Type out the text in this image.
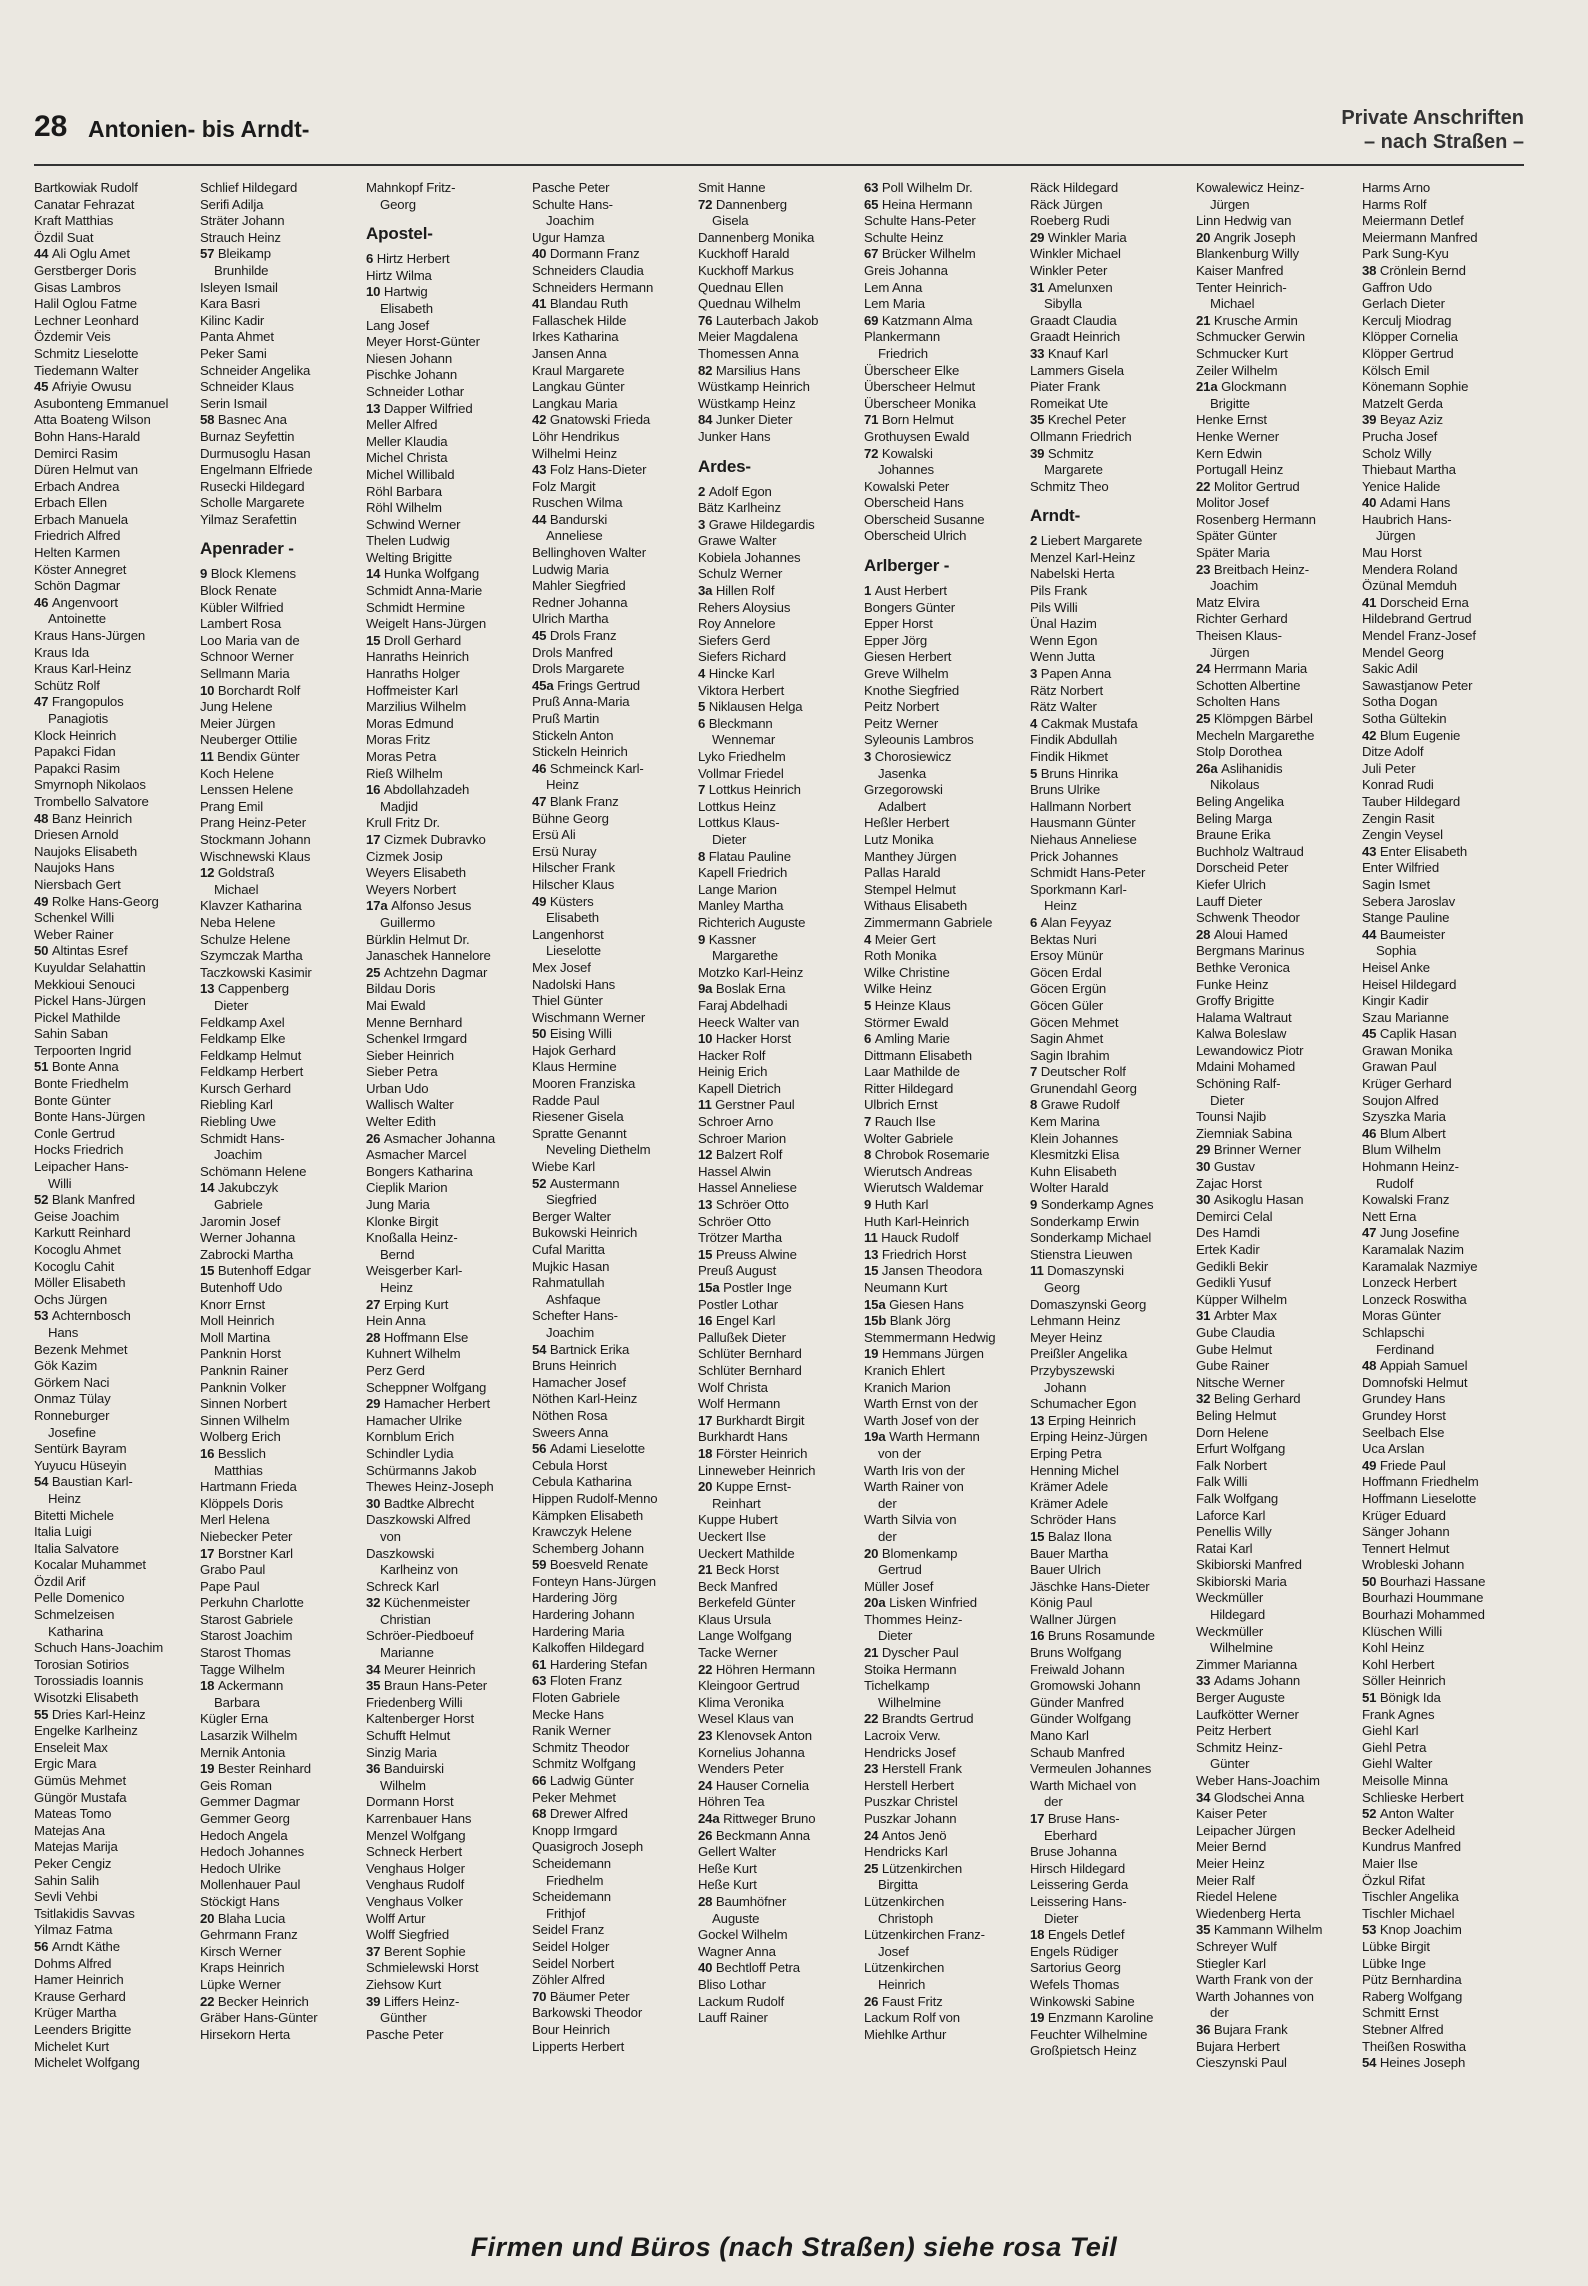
28 Antonien- bis Arndt-	Private Anschriften
– nach Straßen –
Bartkowiak Rudolf
Canatar Fehrazat
Kraft Matthias
Özdil Suat
44 Ali Oglu Amet
Gerstberger Doris
Gisas Lambros
Halil Oglou Fatme
Lechner Leonhard
Özdemir Veis
Schmitz Lieselotte
Tiedemann Walter
45 Afriyie Owusu
Asubonteng Emmanuel
Atta Boateng Wilson
Bohn Hans-Harald
Demirci Rasim
Düren Helmut van
Erbach Andrea
Erbach Ellen
Erbach Manuela
Friedrich Alfred
Helten Karmen
Köster Annegret
Schön Dagmar
46 Angenvoort
Antoinette
Kraus Hans-Jürgen
Kraus Ida
Kraus Karl-Heinz
Schütz Rolf
47 Frangopulos
Panagiotis
Klock Heinrich
Papakci Fidan
Papakci Rasim
Smyrnoph Nikolaos
Trombello Salvatore
48 Banz Heinrich
Driesen Arnold
Naujoks Elisabeth
Naujoks Hans
Niersbach Gert
49 Rolke Hans-Georg
Schenkel Willi
Weber Rainer
50 Altintas Esref
Kuyuldar Selahattin
Mekkioui Senouci
Pickel Hans-Jürgen
Pickel Mathilde
Sahin Saban
Terpoorten Ingrid
51 Bonte Anna
Bonte Friedhelm
Bonte Günter
Bonte Hans-Jürgen
Conle Gertrud
Hocks Friedrich
Leipacher Hans-
Willi
52 Blank Manfred
Geise Joachim
Karkutt Reinhard
Kocoglu Ahmet
Kocoglu Cahit
Möller Elisabeth
Ochs Jürgen
53 Achternbosch
Hans
Bezenk Mehmet
Gök Kazim
Görkem Naci
Onmaz Tülay
Ronneburger
Josefine
Sentürk Bayram
Yuyucu Hüseyin
54 Baustian Karl-
Heinz
Bitetti Michele
Italia Luigi
Italia Salvatore
Kocalar Muhammet
Özdil Arif
Pelle Domenico
Schmelzeisen
Katharina
Schuch Hans-Joachim
Torosian Sotirios
Torossiadis Ioannis
Wisotzki Elisabeth
55 Dries Karl-Heinz
Engelke Karlheinz
Enseleit Max
Ergic Mara
Gümüs Mehmet
Güngör Mustafa
Mateas Tomo
Matejas Ana
Matejas Marija
Peker Cengiz
Sahin Salih
Sevli Vehbi
Tsitlakidis Savvas
Yilmaz Fatma
56 Arndt Käthe
Dohms Alfred
Hamer Heinrich
Krause Gerhard
Krüger Martha
Leenders Brigitte
Michelet Kurt
Michelet Wolfgang
Schlief Hildegard
Serifi Adilja
Sträter Johann
Strauch Heinz
57 Bleikamp
Brunhilde
Isleyen Ismail
Kara Basri
Kilinc Kadir
Panta Ahmet
Peker Sami
Schneider Angelika
Schneider Klaus
Serin Ismail
58 Basnec Ana
Burnaz Seyfettin
Durmusoglu Hasan
Engelmann Elfriede
Rusecki Hildegard
Scholle Margarete
Yilmaz Serafettin
Apenrader -
9 Block Klemens
Block Renate
Kübler Wilfried
Lambert Rosa
Loo Maria van de
Schnoor Werner
Sellmann Maria
10 Borchardt Rolf
Jung Helene
Meier Jürgen
Neuberger Ottilie
11 Bendix Günter
Koch Helene
Lenssen Helene
Prang Emil
Prang Heinz-Peter
Stockmann Johann
Wischnewski Klaus
12 Goldstraß
Michael
Klavzer Katharina
Neba Helene
Schulze Helene
Szymczak Martha
Taczkowski Kasimir
13 Cappenberg
Dieter
Feldkamp Axel
Feldkamp Elke
Feldkamp Helmut
Feldkamp Herbert
Kursch Gerhard
Riebling Karl
Riebling Uwe
Schmidt Hans-
Joachim
Schömann Helene
14 Jakubczyk
Gabriele
Jaromin Josef
Werner Johanna
Zabrocki Martha
15 Butenhoff Edgar
Butenhoff Udo
Knorr Ernst
Moll Heinrich
Moll Martina
Panknin Horst
Panknin Rainer
Panknin Volker
Sinnen Norbert
Sinnen Wilhelm
Wolberg Erich
16 Besslich
Matthias
Hartmann Frieda
Klöppels Doris
Merl Helena
Niebecker Peter
17 Borstner Karl
Grabo Paul
Pape Paul
Perkuhn Charlotte
Starost Gabriele
Starost Joachim
Starost Thomas
Tagge Wilhelm
18 Ackermann
Barbara
Kügler Erna
Lasarzik Wilhelm
Mernik Antonia
19 Bester Reinhard
Geis Roman
Gemmer Dagmar
Gemmer Georg
Hedoch Angela
Hedoch Johannes
Hedoch Ulrike
Mollenhauer Paul
Stöckigt Hans
20 Blaha Lucia
Gehrmann Franz
Kirsch Werner
Kraps Heinrich
Lüpke Werner
22 Becker Heinrich
Gräber Hans-Günter
Hirsekorn Herta
Mahnkopf Fritz-
Georg
Apostel-
6 Hirtz Herbert
Hirtz Wilma
10 Hartwig
Elisabeth
Lang Josef
Meyer Horst-Günter
Niesen Johann
Pischke Johann
Schneider Lothar
13 Dapper Wilfried
Meller Alfred
Meller Klaudia
Michel Christa
Michel Willibald
Röhl Barbara
Röhl Wilhelm
Schwind Werner
Thelen Ludwig
Welting Brigitte
14 Hunka Wolfgang
Schmidt Anna-Marie
Schmidt Hermine
Weigelt Hans-Jürgen
15 Droll Gerhard
Hanraths Heinrich
Hanraths Holger
Hoffmeister Karl
Marzilius Wilhelm
Moras Edmund
Moras Fritz
Moras Petra
Rieß Wilhelm
16 Abdollahzadeh
Madjid
Krull Fritz Dr.
17 Cizmek Dubravko
Cizmek Josip
Weyers Elisabeth
Weyers Norbert
17a Alfonso Jesus
Guillermo
Bürklin Helmut Dr.
Janaschek Hannelore
25 Achtzehn Dagmar
Bildau Doris
Mai Ewald
Menne Bernhard
Schenkel Irmgard
Sieber Heinrich
Sieber Petra
Urban Udo
Wallisch Walter
Welter Edith
26 Asmacher Johanna
Asmacher Marcel
Bongers Katharina
Cieplik Marion
Jung Maria
Klonke Birgit
Knoßalla Heinz-
Bernd
Weisgerber Karl-
Heinz
27 Erping Kurt
Hein Anna
28 Hoffmann Else
Kuhnert Wilhelm
Perz Gerd
Scheppner Wolfgang
29 Hamacher Herbert
Hamacher Ulrike
Kornblum Erich
Schindler Lydia
Schürmanns Jakob
Thewes Heinz-Joseph
30 Badtke Albrecht
Daszkowski Alfred
von
Daszkowski
Karlheinz von
Schreck Karl
32 Küchenmeister
Christian
Schröer-Piedboeuf
Marianne
34 Meurer Heinrich
35 Braun Hans-Peter
Friedenberg Willi
Kaltenberger Horst
Schufft Helmut
Sinzig Maria
36 Banduirski
Wilhelm
Dormann Horst
Karrenbauer Hans
Menzel Wolfgang
Schneck Herbert
Venghaus Holger
Venghaus Rudolf
Venghaus Volker
Wolff Artur
Wolff Siegfried
37 Berent Sophie
Schmielewski Horst
Ziehsow Kurt
39 Liffers Heinz-
Günther
Pasche Peter
Pasche Peter
Schulte Hans-
Joachim
Ugur Hamza
40 Dormann Franz
Schneiders Claudia
Schneiders Hermann
41 Blandau Ruth
Fallaschek Hilde
Irkes Katharina
Jansen Anna
Kraul Margarete
Langkau Günter
Langkau Maria
42 Gnatowski Frieda
Löhr Hendrikus
Wilhelmi Heinz
43 Folz Hans-Dieter
Folz Margit
Ruschen Wilma
44 Bandurski
Anneliese
Bellinghoven Walter
Ludwig Maria
Mahler Siegfried
Redner Johanna
Ulrich Martha
45 Drols Franz
Drols Manfred
Drols Margarete
45a Frings Gertrud
Pruß Anna-Maria
Pruß Martin
Stickeln Anton
Stickeln Heinrich
46 Schmeinck Karl-
Heinz
47 Blank Franz
Bühne Georg
Ersü Ali
Ersü Nuray
Hilscher Frank
Hilscher Klaus
49 Küsters
Elisabeth
Langenhorst
Lieselotte
Mex Josef
Nadolski Hans
Thiel Günter
Wischmann Werner
50 Eising Willi
Hajok Gerhard
Klaus Hermine
Mooren Franziska
Radde Paul
Riesener Gisela
Spratte Genannt
Neveling Diethelm
Wiebe Karl
52 Austermann
Siegfried
Berger Walter
Bukowski Heinrich
Cufal Maritta
Mujkic Hasan
Rahmatullah
Ashfaque
Schefter Hans-
Joachim
54 Bartnick Erika
Bruns Heinrich
Hamacher Josef
Nöthen Karl-Heinz
Nöthen Rosa
Sweers Anna
56 Adami Lieselotte
Cebula Horst
Cebula Katharina
Hippen Rudolf-Menno
Kämpken Elisabeth
Krawczyk Helene
Schemberg Johann
59 Boesveld Renate
Fonteyn Hans-Jürgen
Hardering Jörg
Hardering Johann
Hardering Maria
Kalkoffen Hildegard
61 Hardering Stefan
63 Floten Franz
Floten Gabriele
Mecke Hans
Ranik Werner
Schmitz Theodor
Schmitz Wolfgang
66 Ladwig Günter
Peker Mehmet
68 Drewer Alfred
Knopp Irmgard
Quasigroch Joseph
Scheidemann
Friedhelm
Scheidemann
Frithjof
Seidel Franz
Seidel Holger
Seidel Norbert
Zöhler Alfred
70 Bäumer Peter
Barkowski Theodor
Bour Heinrich
Lipperts Herbert
Smit Hanne
72 Dannenberg
Gisela
Dannenberg Monika
Kuckhoff Harald
Kuckhoff Markus
Quednau Ellen
Quednau Wilhelm
76 Lauterbach Jakob
Meier Magdalena
Thomessen Anna
82 Marsilius Hans
Wüstkamp Heinrich
Wüstkamp Heinz
84 Junker Dieter
Junker Hans
Ardes-
2 Adolf Egon
Bätz Karlheinz
3 Grawe Hildegardis
Grawe Walter
Kobiela Johannes
Schulz Werner
3a Hillen Rolf
Rehers Aloysius
Roy Annelore
Siefers Gerd
Siefers Richard
4 Hincke Karl
Viktora Herbert
5 Niklausen Helga
6 Bleckmann
Wennemar
Lyko Friedhelm
Vollmar Friedel
7 Lottkus Heinrich
Lottkus Heinz
Lottkus Klaus-
Dieter
8 Flatau Pauline
Kapell Friedrich
Lange Marion
Manley Martha
Richterich Auguste
9 Kassner
Margarethe
Motzko Karl-Heinz
9a Boslak Erna
Faraj Abdelhadi
Heeck Walter van
10 Hacker Horst
Hacker Rolf
Heinig Erich
Kapell Dietrich
11 Gerstner Paul
Schroer Arno
Schroer Marion
12 Balzert Rolf
Hassel Alwin
Hassel Anneliese
13 Schröer Otto
Schröer Otto
Trötzer Martha
15 Preuss Alwine
Preuß August
15a Postler Inge
Postler Lothar
16 Engel Karl
Pallußek Dieter
Schlüter Bernhard
Schlüter Bernhard
Wolf Christa
Wolf Hermann
17 Burkhardt Birgit
Burkhardt Hans
18 Förster Heinrich
Linneweber Heinrich
20 Kuppe Ernst-
Reinhart
Kuppe Hubert
Ueckert Ilse
Ueckert Mathilde
21 Beck Horst
Beck Manfred
Berkefeld Günter
Klaus Ursula
Lange Wolfgang
Tacke Werner
22 Höhren Hermann
Kleingoor Gertrud
Klima Veronika
Wesel Klaus van
23 Klenovsek Anton
Kornelius Johanna
Wenders Peter
24 Hauser Cornelia
Höhren Tea
24a Rittweger Bruno
26 Beckmann Anna
Gellert Walter
Heße Kurt
Heße Kurt
28 Baumhöfner
Auguste
Gockel Wilhelm
Wagner Anna
40 Bechtloff Petra
Bliso Lothar
Lackum Rudolf
Lauff Rainer
63 Poll Wilhelm Dr.
65 Heina Hermann
Schulte Hans-Peter
Schulte Heinz
67 Brücker Wilhelm
Greis Johanna
Lem Anna
Lem Maria
69 Katzmann Alma
Plankermann
Friedrich
Überscheer Elke
Überscheer Helmut
Überscheer Monika
71 Born Helmut
Grothuysen Ewald
72 Kowalski
Johannes
Kowalski Peter
Oberscheid Hans
Oberscheid Susanne
Oberscheid Ulrich
Arlberger -
1 Aust Herbert
Bongers Günter
Epper Horst
Epper Jörg
Giesen Herbert
Greve Wilhelm
Knothe Siegfried
Peitz Norbert
Peitz Werner
Syleounis Lambros
3 Chorosiewicz
Jasenka
Grzegorowski
Adalbert
Heßler Herbert
Lutz Monika
Manthey Jürgen
Pallas Harald
Stempel Helmut
Withaus Elisabeth
Zimmermann Gabriele
4 Meier Gert
Roth Monika
Wilke Christine
Wilke Heinz
5 Heinze Klaus
Störmer Ewald
6 Amling Marie
Dittmann Elisabeth
Laar Mathilde de
Ritter Hildegard
Ulbrich Ernst
7 Rauch Ilse
Wolter Gabriele
8 Chrobok Rosemarie
Wierutsch Andreas
Wierutsch Waldemar
9 Huth Karl
Huth Karl-Heinrich
11 Hauck Rudolf
13 Friedrich Horst
15 Jansen Theodora
Neumann Kurt
15a Giesen Hans
15b Blank Jörg
Stemmermann Hedwig
19 Hemmans Jürgen
Kranich Ehlert
Kranich Marion
Warth Ernst von der
Warth Josef von der
19a Warth Hermann
von der
Warth Iris von der
Warth Rainer von
der
Warth Silvia von
der
20 Blomenkamp
Gertrud
Müller Josef
20a Lisken Winfried
Thommes Heinz-
Dieter
21 Dyscher Paul
Stoika Hermann
Tichelkamp
Wilhelmine
22 Brandts Gertrud
Lacroix Verw.
Hendricks Josef
23 Herstell Frank
Herstell Herbert
Puszkar Christel
Puszkar Johann
24 Antos Jenö
Hendricks Karl
25 Lützenkirchen
Birgitta
Lützenkirchen
Christoph
Lützenkirchen Franz-
Josef
Lützenkirchen
Heinrich
26 Faust Fritz
Lackum Rolf von
Miehlke Arthur
Räck Hildegard
Räck Jürgen
Roeberg Rudi
29 Winkler Maria
Winkler Michael
Winkler Peter
31 Amelunxen
Sibylla
Graadt Claudia
Graadt Heinrich
33 Knauf Karl
Lammers Gisela
Piater Frank
Romeikat Ute
35 Krechel Peter
Ollmann Friedrich
39 Schmitz
Margarete
Schmitz Theo
Arndt-
2 Liebert Margarete
Menzel Karl-Heinz
Nabelski Herta
Pils Frank
Pils Willi
Ünal Hazim
Wenn Egon
Wenn Jutta
3 Papen Anna
Rätz Norbert
Rätz Walter
4 Cakmak Mustafa
Findik Abdullah
Findik Hikmet
5 Bruns Hinrika
Bruns Ulrike
Hallmann Norbert
Hausmann Günter
Niehaus Anneliese
Prick Johannes
Schmidt Hans-Peter
Sporkmann Karl-
Heinz
6 Alan Feyyaz
Bektas Nuri
Ersoy Münür
Göcen Erdal
Göcen Ergün
Göcen Güler
Göcen Mehmet
Sagin Ahmet
Sagin Ibrahim
7 Deutscher Rolf
Grunendahl Georg
8 Grawe Rudolf
Kem Marina
Klein Johannes
Klesmitzki Elisa
Kuhn Elisabeth
Wolter Harald
9 Sonderkamp Agnes
Sonderkamp Erwin
Sonderkamp Michael
Stienstra Lieuwen
11 Domaszynski
Georg
Domaszynski Georg
Lehmann Heinz
Meyer Heinz
Preißler Angelika
Przybyszewski
Johann
Schumacher Egon
13 Erping Heinrich
Erping Heinz-Jürgen
Erping Petra
Henning Michel
Krämer Adele
Krämer Adele
Schröder Hans
15 Balaz Ilona
Bauer Martha
Bauer Ulrich
Jäschke Hans-Dieter
König Paul
Wallner Jürgen
16 Bruns Rosamunde
Bruns Wolfgang
Freiwald Johann
Gromowski Johann
Günder Manfred
Günder Wolfgang
Mano Karl
Schaub Manfred
Vermeulen Johannes
Warth Michael von
der
17 Bruse Hans-
Eberhard
Bruse Johanna
Hirsch Hildegard
Leissering Gerda
Leissering Hans-
Dieter
18 Engels Detlef
Engels Rüdiger
Sartorius Georg
Wefels Thomas
Winkowski Sabine
19 Enzmann Karoline
Feuchter Wilhelmine
Großpietsch Heinz
Kowalewicz Heinz-
Jürgen
Linn Hedwig van
20 Angrik Joseph
Blankenburg Willy
Kaiser Manfred
Tenter Heinrich-
Michael
21 Krusche Armin
Schmucker Gerwin
Schmucker Kurt
Zeiler Wilhelm
21a Glockmann
Brigitte
Henke Ernst
Henke Werner
Kern Edwin
Portugall Heinz
22 Molitor Gertrud
Molitor Josef
Rosenberg Hermann
Später Günter
Später Maria
23 Breitbach Heinz-
Joachim
Matz Elvira
Richter Gerhard
Theisen Klaus-
Jürgen
24 Herrmann Maria
Schotten Albertine
Scholten Hans
25 Klömpgen Bärbel
Mecheln Margarethe
Stolp Dorothea
26a Aslihanidis
Nikolaus
Beling Angelika
Beling Marga
Braune Erika
Buchholz Waltraud
Dorscheid Peter
Kiefer Ulrich
Lauff Dieter
Schwenk Theodor
28 Aloui Hamed
Bergmans Marinus
Bethke Veronica
Funke Heinz
Groffy Brigitte
Halama Waltraut
Kalwa Boleslaw
Lewandowicz Piotr
Mdaini Mohamed
Schöning Ralf-
Dieter
Tounsi Najib
Ziemniak Sabina
29 Brinner Werner
30 Gustav
Zajac Horst
30 Asikoglu Hasan
Demirci Celal
Des Hamdi
Ertek Kadir
Gedikli Bekir
Gedikli Yusuf
Küpper Wilhelm
31 Arbter Max
Gube Claudia
Gube Helmut
Gube Rainer
Nitsche Werner
32 Beling Gerhard
Beling Helmut
Dorn Helene
Erfurt Wolfgang
Falk Norbert
Falk Willi
Falk Wolfgang
Laforce Karl
Penellis Willy
Ratai Karl
Skibiorski Manfred
Skibiorski Maria
Weckmüller
Hildegard
Weckmüller
Wilhelmine
Zimmer Marianna
33 Adams Johann
Berger Auguste
Laufkötter Werner
Peitz Herbert
Schmitz Heinz-
Günter
Weber Hans-Joachim
34 Glodschei Anna
Kaiser Peter
Leipacher Jürgen
Meier Bernd
Meier Heinz
Meier Ralf
Riedel Helene
Wiedenberg Herta
35 Kammann Wilhelm
Schreyer Wulf
Stiegler Karl
Warth Frank von der
Warth Johannes von
der
36 Bujara Frank
Bujara Herbert
Cieszynski Paul
Harms Arno
Harms Rolf
Meiermann Detlef
Meiermann Manfred
Park Sung-Kyu
38 Crönlein Bernd
Gaffron Udo
Gerlach Dieter
Kerculj Miodrag
Klöpper Cornelia
Klöpper Gertrud
Kölsch Emil
Könemann Sophie
Matzelt Gerda
39 Beyaz Aziz
Prucha Josef
Scholz Willy
Thiebaut Martha
Yenice Halide
40 Adami Hans
Haubrich Hans-
Jürgen
Mau Horst
Mendera Roland
Özünal Memduh
41 Dorscheid Erna
Hildebrand Gertrud
Mendel Franz-Josef
Mendel Georg
Sakic Adil
Sawastjanow Peter
Sotha Dogan
Sotha Gültekin
42 Blum Eugenie
Ditze Adolf
Juli Peter
Konrad Rudi
Tauber Hildegard
Zengin Rasit
Zengin Veysel
43 Enter Elisabeth
Enter Wilfried
Sagin Ismet
Sebera Jaroslav
Stange Pauline
44 Baumeister
Sophia
Heisel Anke
Heisel Hildegard
Kingir Kadir
Szau Marianne
45 Caplik Hasan
Grawan Monika
Grawan Paul
Krüger Gerhard
Soujon Alfred
Szyszka Maria
46 Blum Albert
Blum Wilhelm
Hohmann Heinz-
Rudolf
Kowalski Franz
Nett Erna
47 Jung Josefine
Karamalak Nazim
Karamalak Nazmiye
Lonzeck Herbert
Lonzeck Roswitha
Moras Günter
Schlapschi
Ferdinand
48 Appiah Samuel
Domnofski Helmut
Grundey Hans
Grundey Horst
Seelbach Else
Uca Arslan
49 Friede Paul
Hoffmann Friedhelm
Hoffmann Lieselotte
Krüger Eduard
Sänger Johann
Tennert Helmut
Wrobleski Johann
50 Bourhazi Hassane
Bourhazi Hoummane
Bourhazi Mohammed
Klüschen Willi
Kohl Heinz
Kohl Herbert
Söller Heinrich
51 Bönigk Ida
Frank Agnes
Giehl Karl
Giehl Petra
Giehl Walter
Meisolle Minna
Schlieske Herbert
52 Anton Walter
Becker Adelheid
Kundrus Manfred
Maier Ilse
Özkul Rifat
Tischler Angelika
Tischler Michael
53 Knop Joachim
Lübke Birgit
Lübke Inge
Pütz Bernhardina
Raberg Wolfgang
Schmitt Ernst
Stebner Alfred
Theißen Roswitha
54 Heines Joseph
Firmen und Büros (nach Straßen) siehe rosa Teil
